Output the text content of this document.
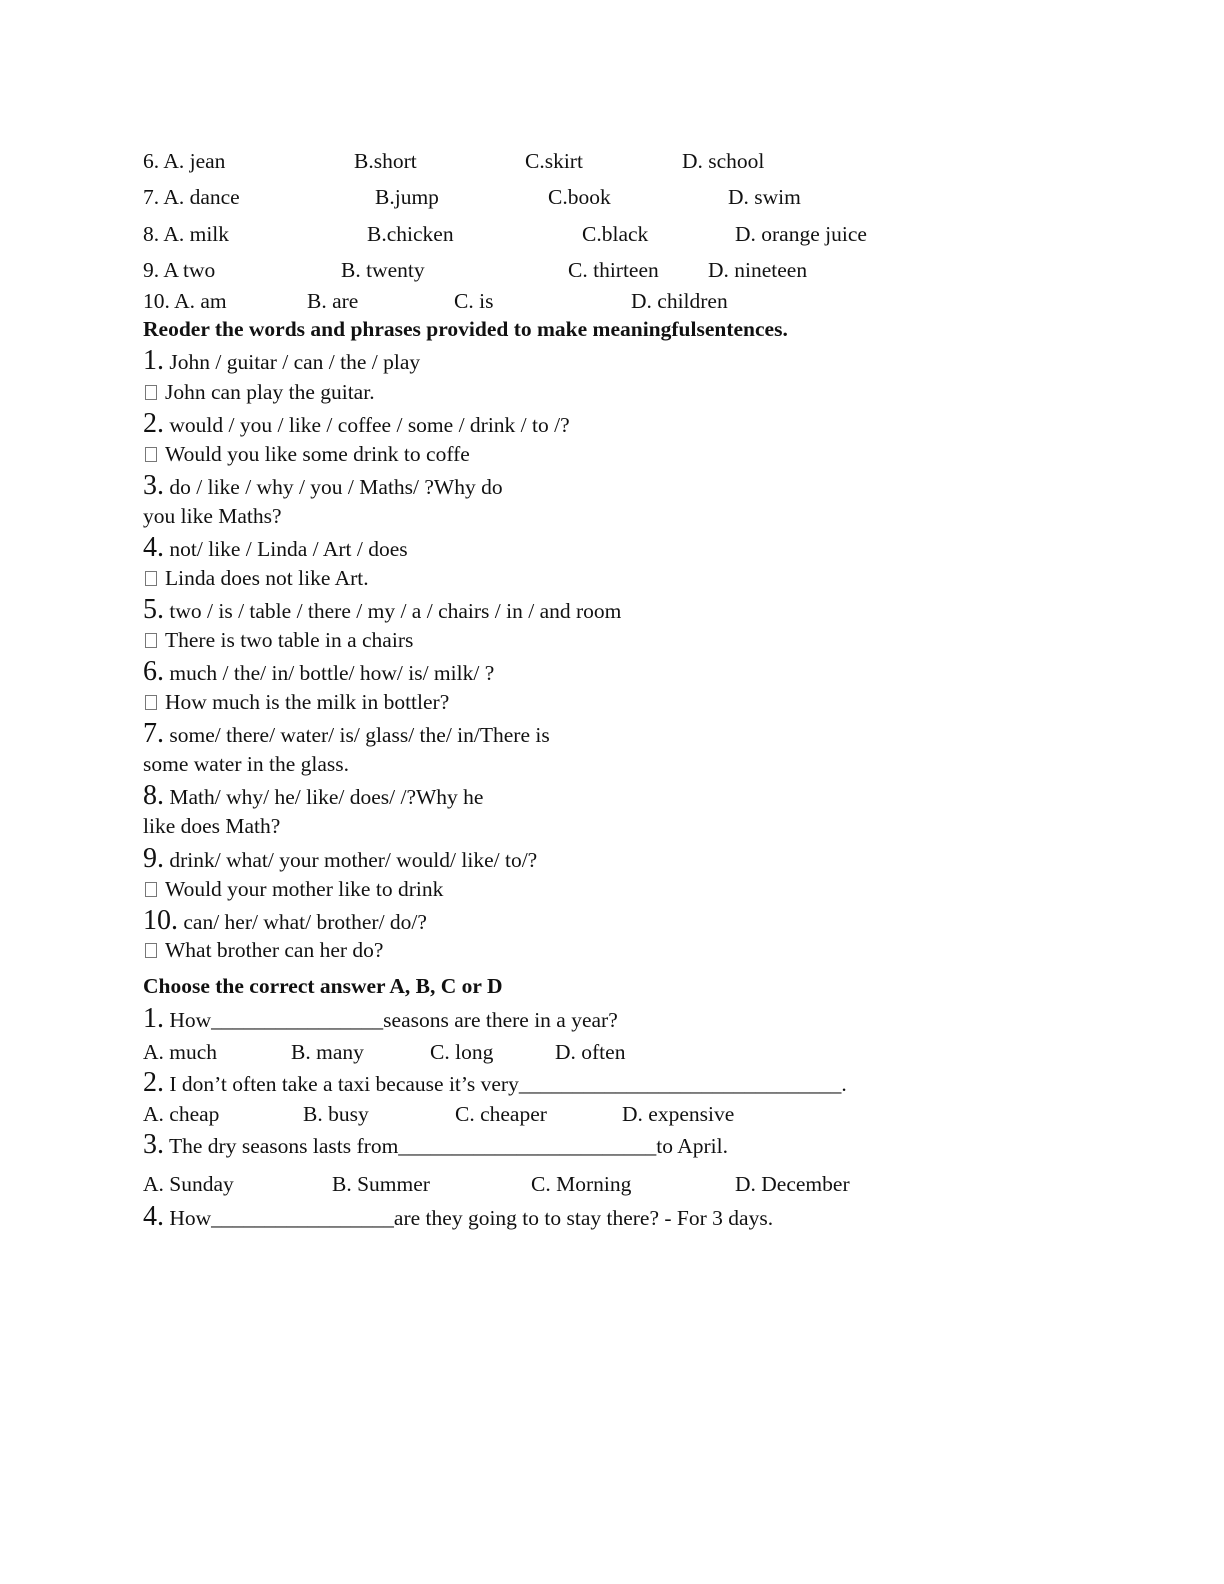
6. A. jean	B.short	C.skirt	D. school
7. A. dance	B.jump	C.book	D. swim
8. A. milk	B.chicken	C.black	D. orange juice
9. A two	B. twenty	C. thirteen D. nineteen
10. A. am	B. are	C. is	D. children
Reoder the words and phrases provided to make meaningfulsentences.
1. John / guitar / can / the / play
John can play the guitar.
2. would / you / like / coffee / some / drink / to /?
Would you like some drink to coffe
3. do / like / why / you / Maths/ ?Why do
you like Maths?
4. not/ like / Linda / Art / does
Linda does not like Art.
5. two / is / table / there / my / a / chairs / in / and room
There is two table in a chairs
6. much / the/ in/ bottle/ how/ is/ milk/ ?
How much is the milk in bottler?
7. some/ there/ water/ is/ glass/ the/ in/There is
some water in the glass.
8. Math/ why/ he/ like/ does/ /?Why he
like does Math?
9. drink/ what/ your mother/ would/ like/ to/?
Would your mother like to drink
10. can/ her/ what/ brother/ do/?
What brother can her do?
Choose the correct answer A, B, C or D
1. How________________seasons are there in a year?
A. much	B. many	C. long	D. often
2. I don’t often take a taxi because it’s very______________________________.
A. cheap	B. busy	C. cheaper	D. expensive
3. The dry seasons lasts from________________________to April.
A. Sunday	B. Summer	C. Morning	D. December
4. How_________________are they going to to stay there? - For 3 days.
